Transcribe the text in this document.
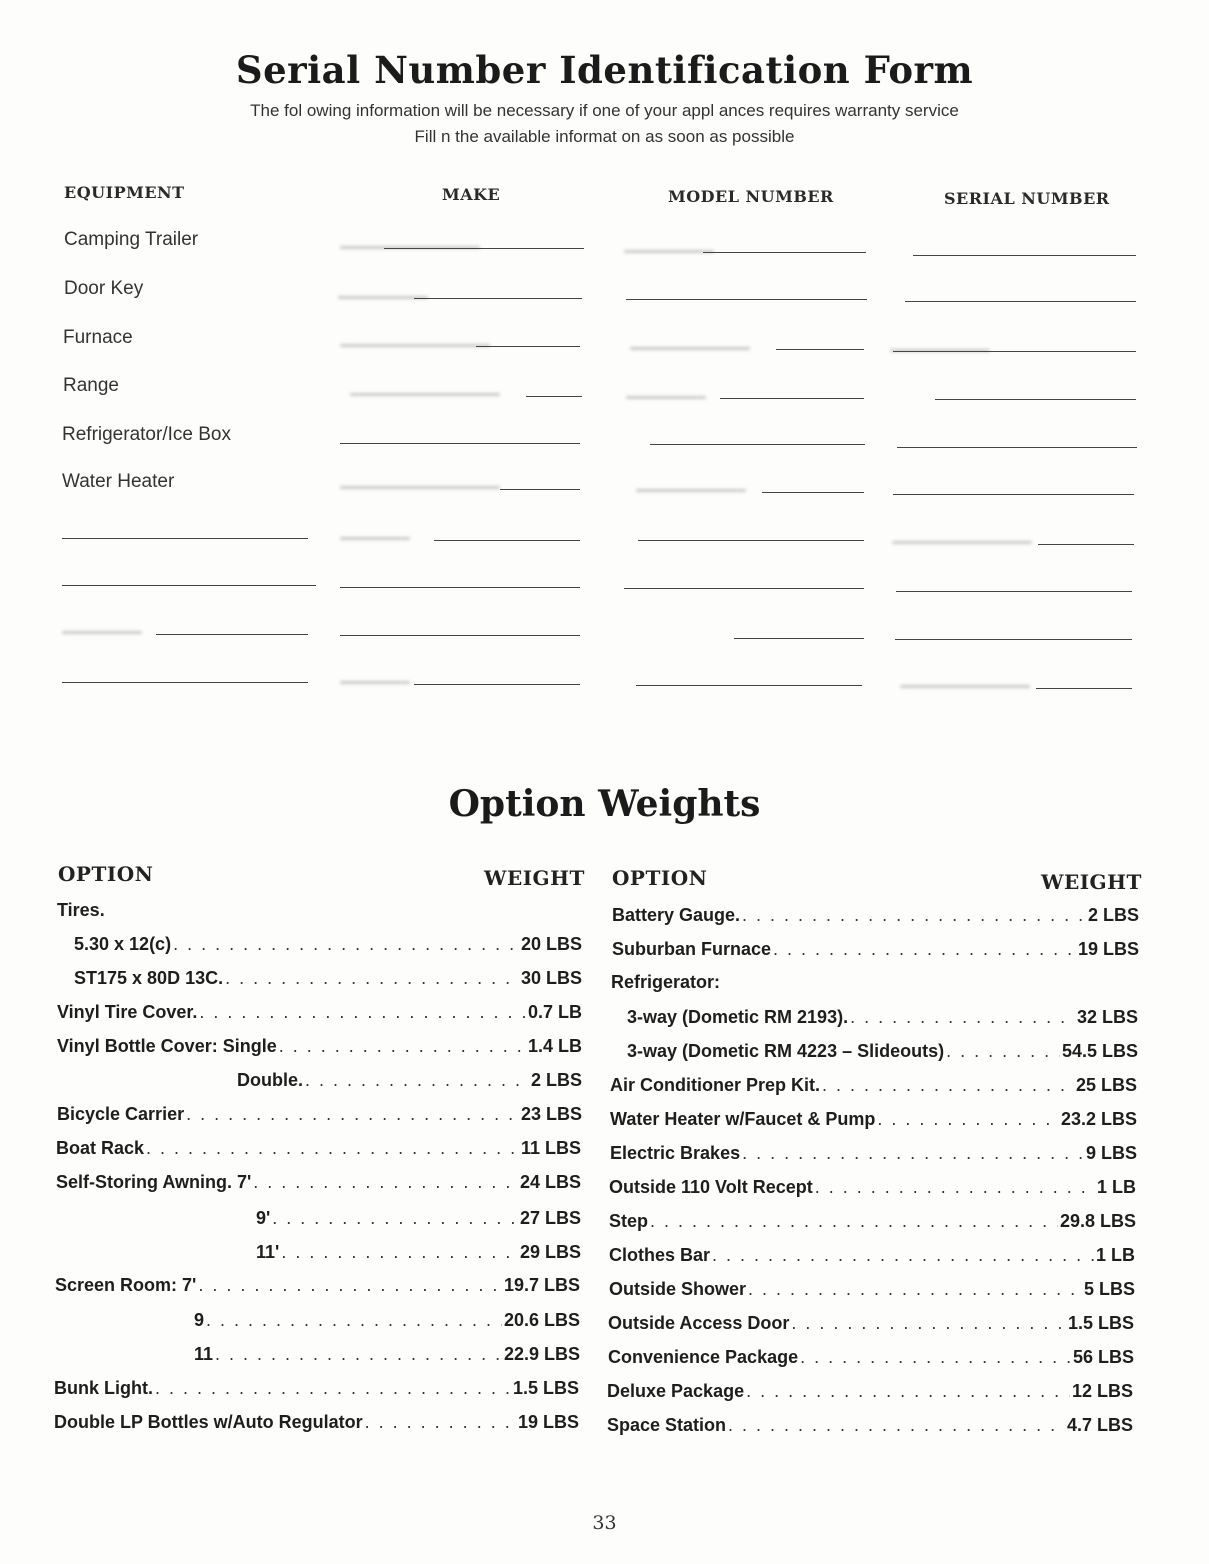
Serial Number Identification Form
The fol owing information will be necessary if one of your appl ances requires warranty service
Fill n the available informat on as soon as possible
EQUIPMENT	MAKE	MODEL NUMBER	SERIAL NUMBER
Camping Trailer
Door Key
Furnace
Range
Refrigerator/Ice Box
Water Heater
Option Weights
OPTION	WEIGHT OPTION	WEIGHT
Tires.
5.30 x 12(c) . . .	20 LBS
ST175 x 80D 13C. . . .	30 LBS
Vinyl Tire Cover. . . .	0.7 LB
Vinyl Bottle Cover: Single . . .	1.4 LB
Double. . . .	2 LBS
Bicycle Carrier . . .	23 LBS
Boat Rack . . .	11 LBS
Self-Storing Awning. 7' . . .	24 LBS
9' . . .	27 LBS
11' . . .	29 LBS
Screen Room: 7' . . .	19.7 LBS
9 . . .	20.6 LBS
11 . . .	22.9 LBS
Bunk Light. . . .	1.5 LBS
Double LP Bottles w/Auto Regulator . . .	19 LBS
Battery Gauge. . . .	2 LBS
Suburban Furnace . . .	19 LBS
Refrigerator:
3-way (Dometic RM 2193). . . .	32 LBS
3-way (Dometic RM 4223 – Slideouts) . . .	54.5 LBS
Air Conditioner Prep Kit. . . .	25 LBS
Water Heater w/Faucet & Pump . . .	23.2 LBS
Electric Brakes . . .	9 LBS
Outside 110 Volt Recept . . .	1 LB
Step . . .	29.8 LBS
Clothes Bar . . .	1 LB
Outside Shower . . .	5 LBS
Outside Access Door . . .	1.5 LBS
Convenience Package . . .	56 LBS
Deluxe Package . . .	12 LBS
Space Station . . .	4.7 LBS
33
